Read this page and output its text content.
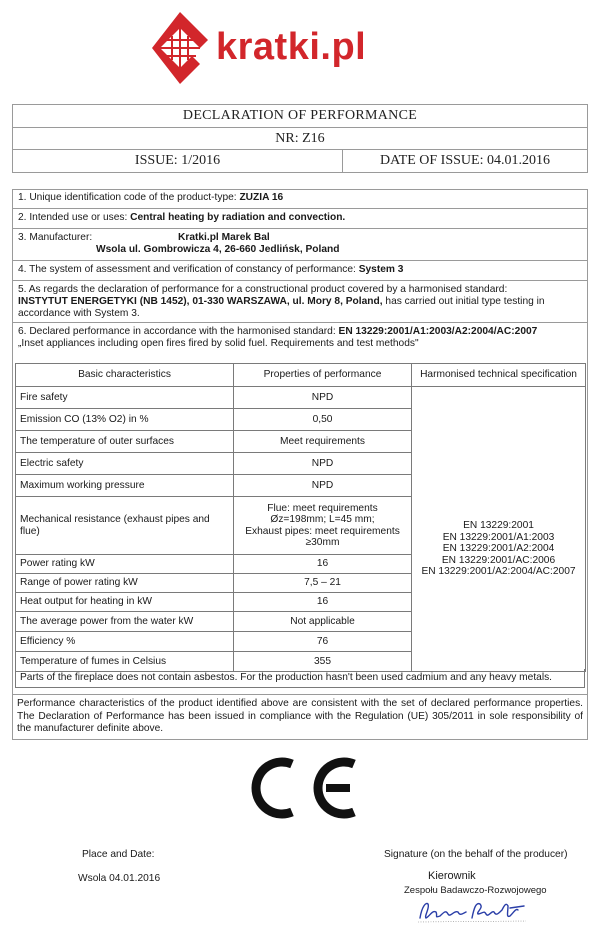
kratki.pl
DECLARATION OF PERFORMANCE
NR: Z16
ISSUE: 1/2016	DATE OF ISSUE: 04.01.2016
1. Unique identification code of the product-type: ZUZIA 16
2. Intended use or uses: Central heating by radiation and convection.
3. Manufacturer:	Kratki.pl Marek Bal
Wsola ul. Gombrowicza 4, 26-660 Jedlińsk, Poland
4. The system of assessment and verification of constancy of performance: System 3
5. As regards the declaration of performance for a constructional product covered by a harmonised standard:
INSTYTUT ENERGETYKI (NB 1452), 01-330 WARSZAWA, ul. Mory 8, Poland, has carried out initial type testing in
accordance with System 3.
6. Declared performance in accordance with the harmonised standard: EN 13229:2001/A1:2003/A2:2004/AC:2007
„Inset appliances including open fires fired by solid fuel. Requirements and test methods"
Basic characteristics	Properties of performance	Harmonised technical specification
Fire safety	NPD	EN 13229:2001
EN 13229:2001/A1:2003
EN 13229:2001/A2:2004
EN 13229:2001/AC:2006
EN 13229:2001/A2:2004/AC:2007

Emission CO (13% O2) in %	0,50	
The temperature of outer surfaces	Meet requirements	
Electric safety	NPD	
Maximum working pressure	NPD	
Mechanical resistance (exhaust pipes and flue)	Flue: meet requirements
Øz=198mm; L=45 mm;
Exhaust pipes: meet requirements
≥30mm	

Power rating kW	16	
Range of power rating kW	7,5 – 21	
Heat output for heating in kW	16	
The average power from the water kW	Not applicable	
Efficiency %	76	
Temperature of fumes in Celsius	355	
Parts of the fireplace does not contain asbestos. For the production hasn't been used cadmium and any heavy metals.
Performance characteristics of the product identified above are consistent with the set of declared performance properties. The Declaration of Performance has been issued in compliance with the Regulation (UE) 305/2011 in sole responsibility of the manufacturer definite above.
Place and Date:
Wsola 04.01.2016
Signature (on the behalf of the producer)
Kierownik
Zespołu Badawczo-Rozwojowego
